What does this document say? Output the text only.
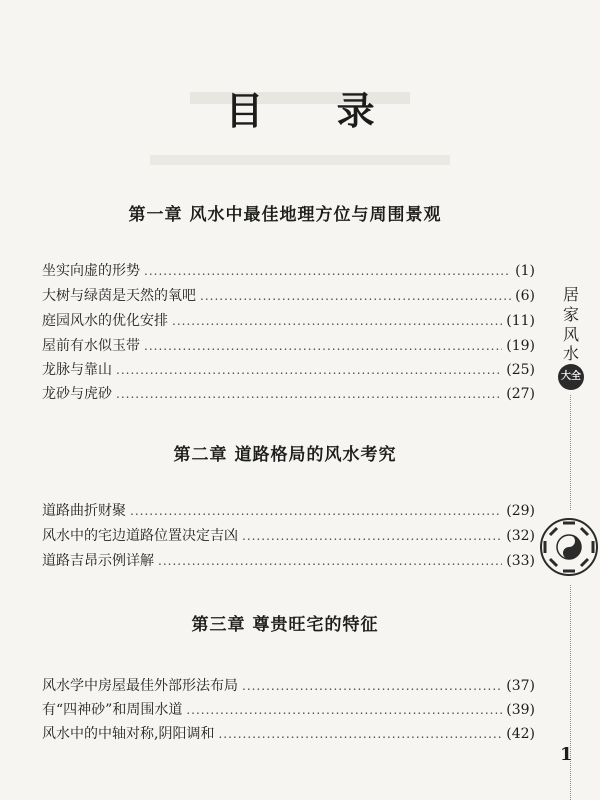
目 录
第一章 风水中最佳地理方位与周围景观
坐实向虚的形势 .....	(1)
大树与绿茵是天然的氧吧 .....	(6)
庭园风水的优化安排 .....	(11)
屋前有水似玉带 .....	(19)
龙脉与靠山 .....	(25)
龙砂与虎砂 .....	(27)
第二章 道路格局的风水考究
道路曲折财聚 .....	(29)
风水中的宅边道路位置决定吉凶 .....	(32)
道路吉昂示例详解 .....	(33)
第三章 尊贵旺宅的特征
风水学中房屋最佳外部形法布局 .....	(37)
有“四神砂”和周围水道 .....	(39)
风水中的中轴对称,阴阳调和 .....	(42)
居
家
风
水
大全
1
